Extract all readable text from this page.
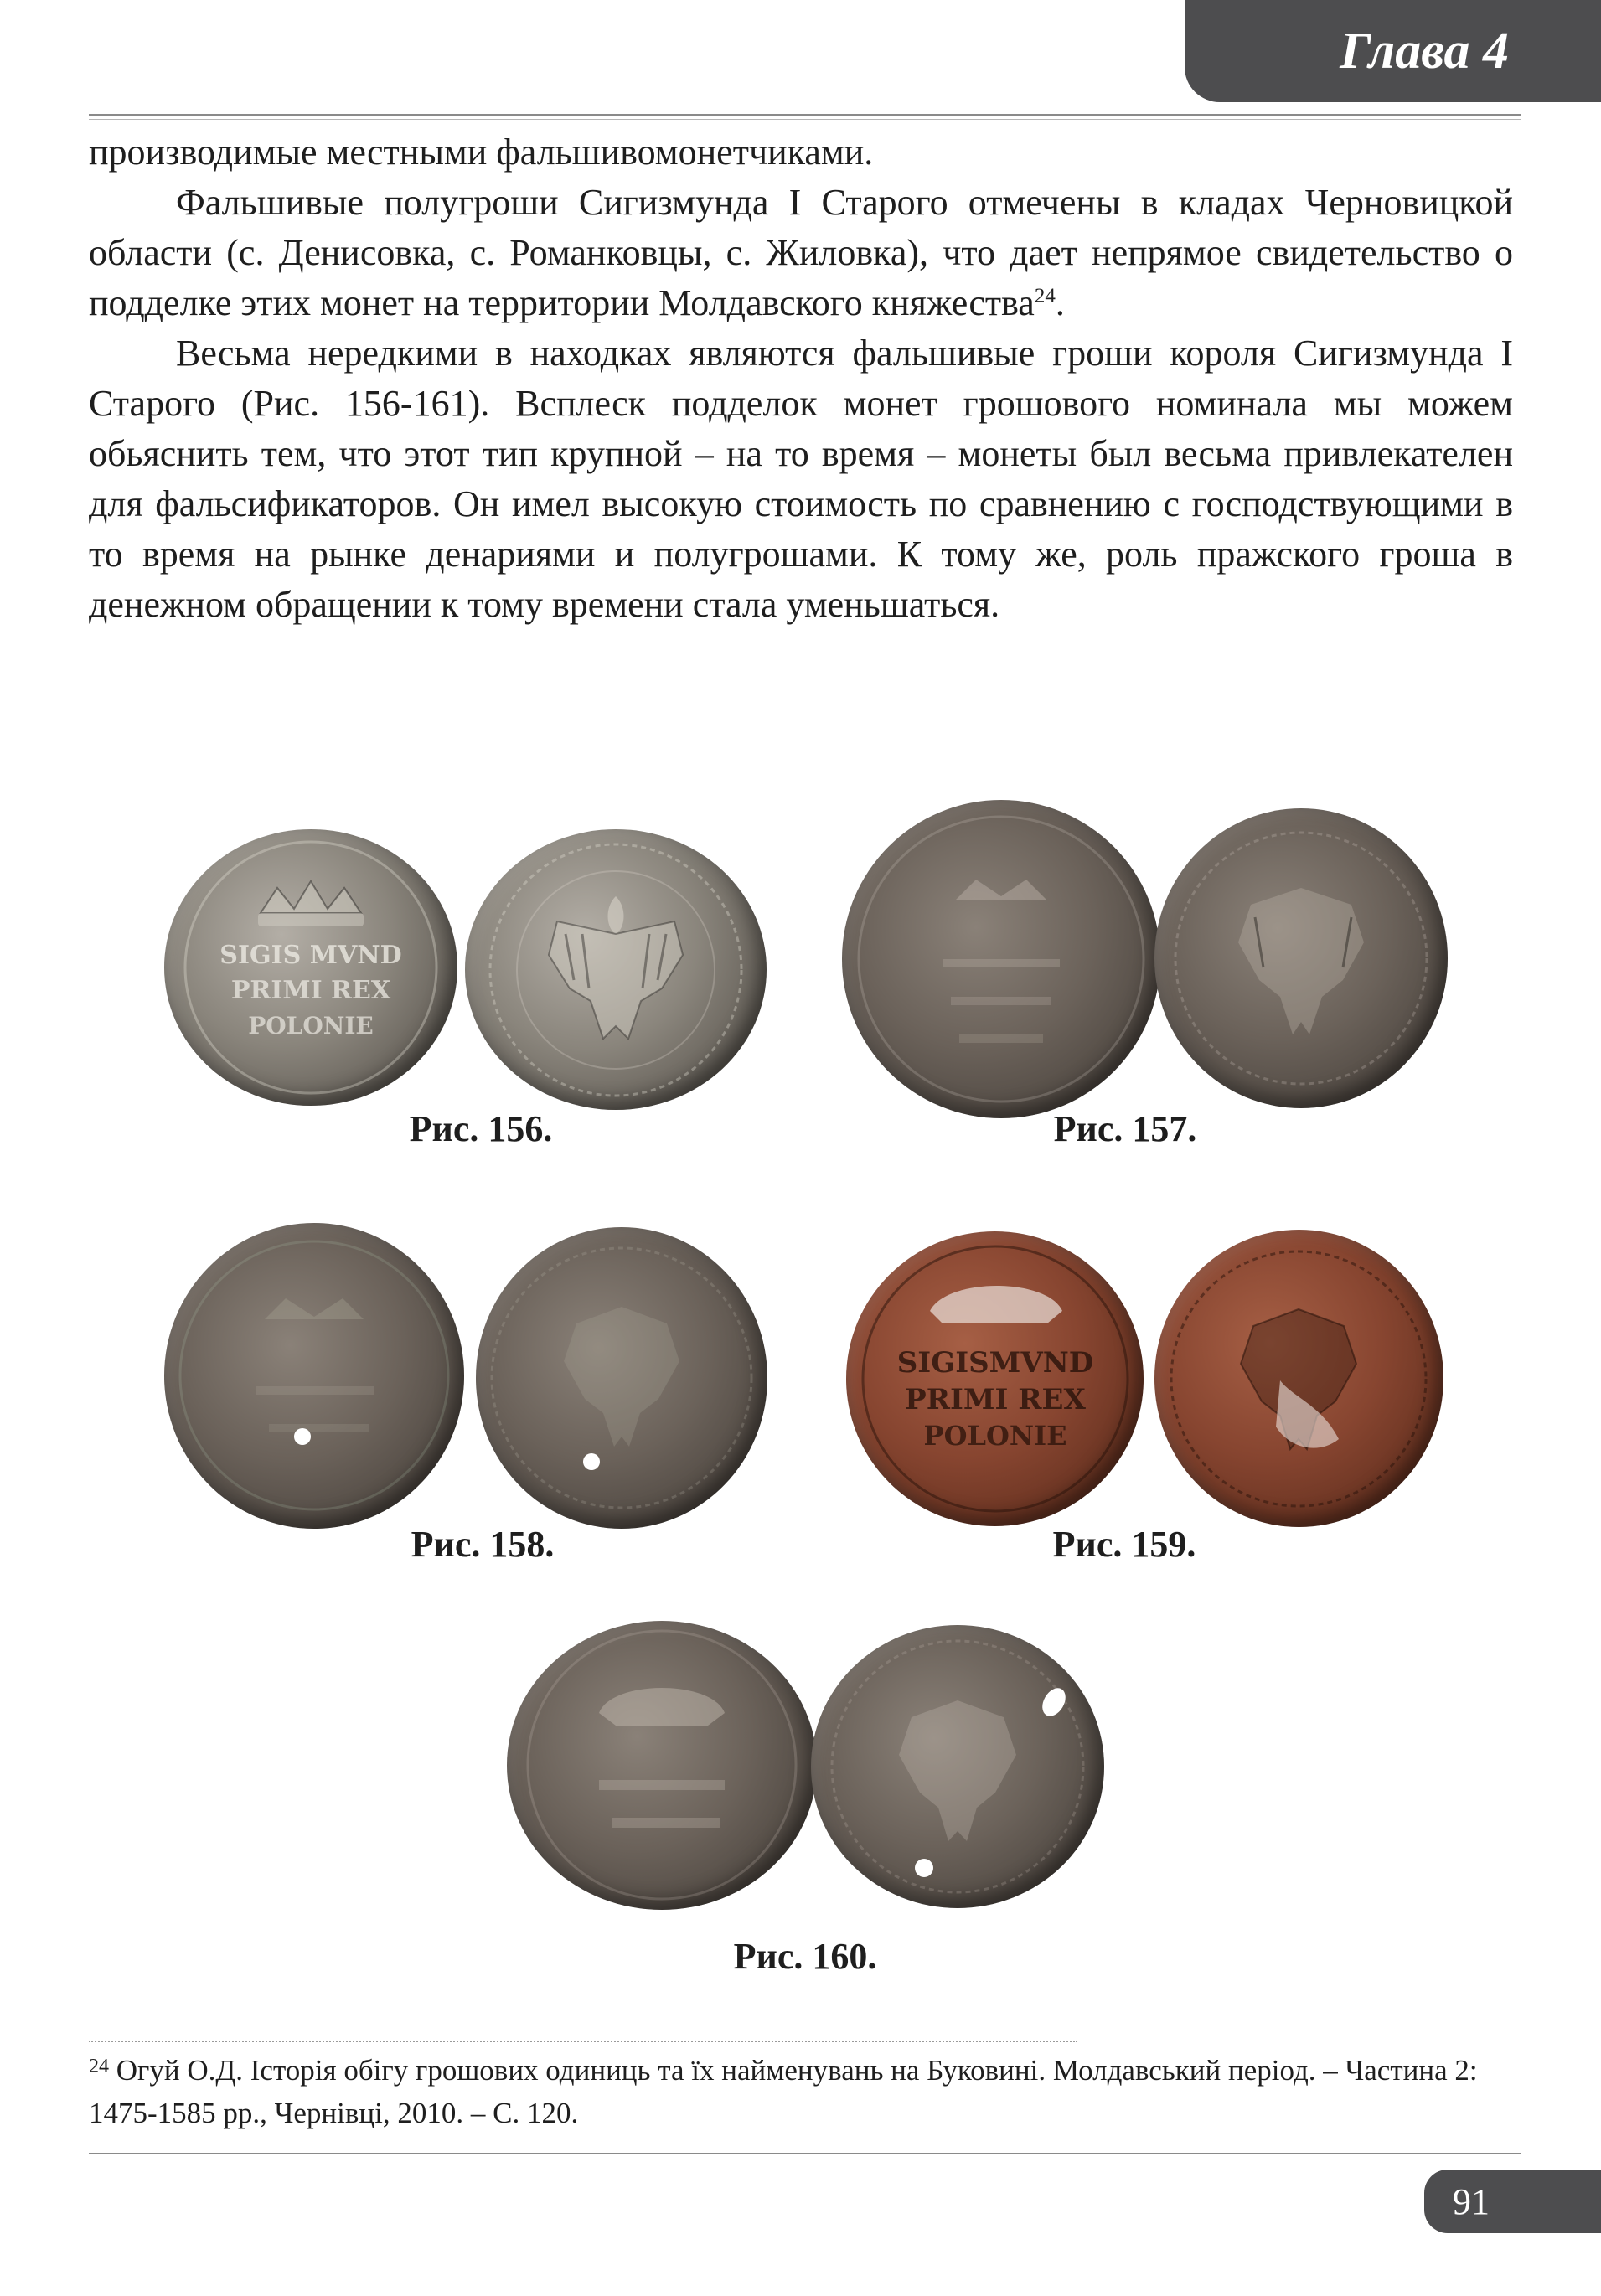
Глава 4

производимые местными фальшивомонетчиками.

Фальшивые полугроши Сигизмунда I Старого отмечены в кладах Черновицкой области (с. Денисовка, с. Романковцы, с. Жиловка), что дает непрямое свидетельство о подделке этих монет на территории Молдавского княжества$^{24}$.

Весьма нередкими в находках являются фальшивые гроши короля Сигизмунда I Старого (Рис. 156-161). Всплеск подделок монет грошового номинала мы можем обьяснить тем, что этот тип крупной – на то время – монеты был весьма привлекателен для фальсификаторов. Он имел высокую стоимость по сравнению с господствующими в то время на рынке денариями и полугрошами. К тому же, роль пражского гроша в денежном обращении к тому времени стала уменьшаться.

SIGIS MVND
PRIMI REX
POLONIE
Рис. 156.	Рис. 157.
Рис. 158.
SIGISMVND
PRIMI REX
POLONIE
Рис. 159.
Рис. 160.
$^{24}$ Огуй О.Д. Історія обігу грошових одиниць та їх найменувань на Буковині. Молдавський період. – Частина 2: 1475-1585 рр., Чернівці, 2010. – С. 120.
91
